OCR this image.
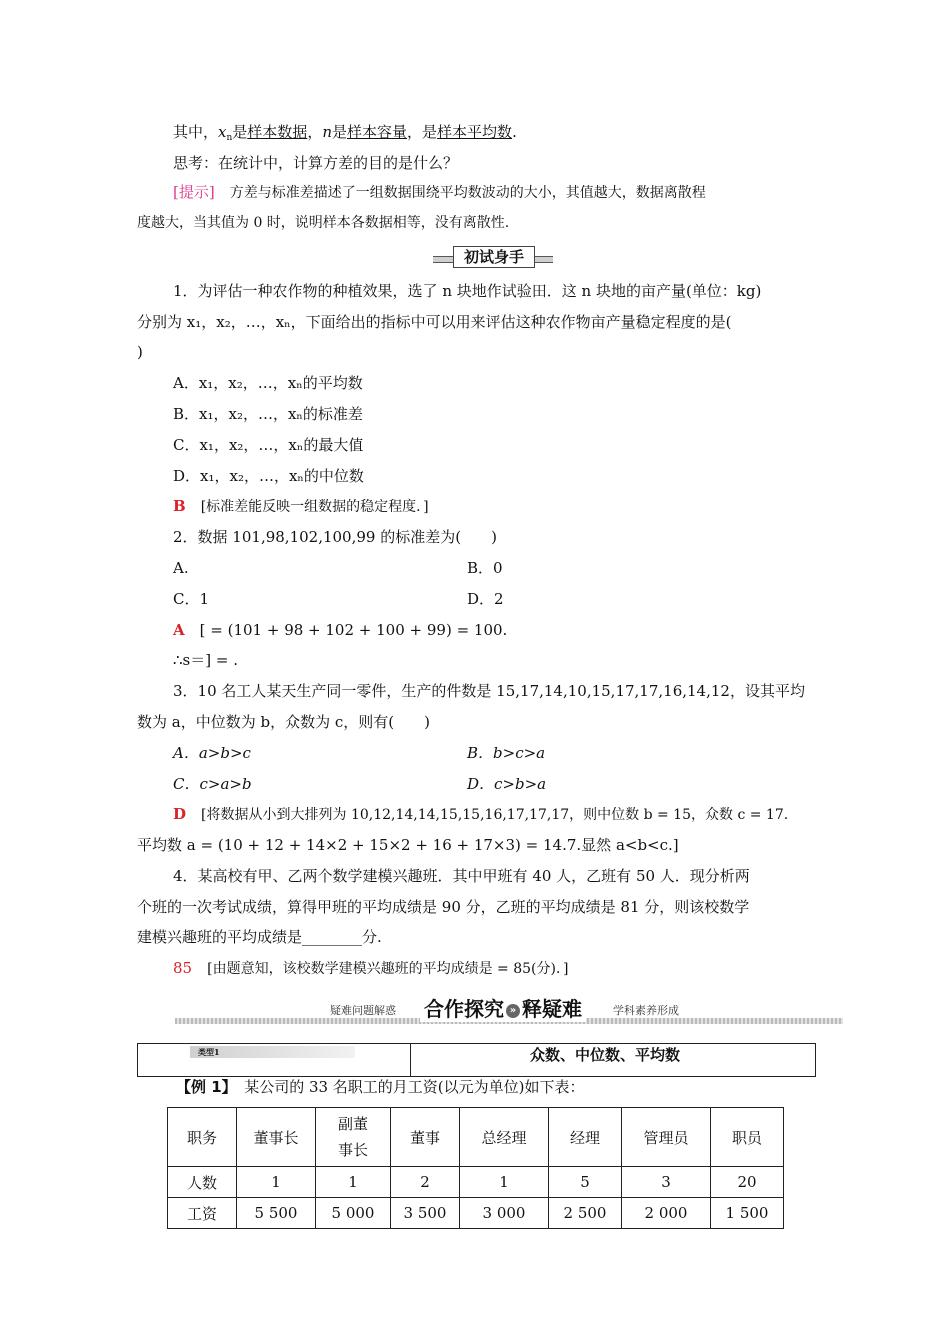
其中，$x_n$是样本数据，n是样本容量，是样本平均数.
思考：在统计中，计算方差的目的是什么？
[提示]　 方差与标准差描述了一组数据围绕平均数波动的大小，其值越大，数据离散程
度越大，当其值为 0 时，说明样本各数据相等，没有离散性.
初试身手
1．为评估一种农作物的种植效果，选了 n 块地作试验田．这 n 块地的亩产量(单位：kg)
分别为 x₁，x₂，…，xₙ，下面给出的指标中可以用来评估这种农作物亩产量稳定程度的是(
)
A．x₁，x₂，…，xₙ的平均数
B．x₁，x₂，…，xₙ的标准差
C．x₁，x₂，…，xₙ的最大值
D．x₁，x₂，…，xₙ的中位数
B　 [标准差能反映一组数据的稳定程度．]
2．数据 101,98,102,100,99 的标准差为(　　)
A.	B．0
C．1	D．2
A　 [ = (101 + 98 + 102 + 100 + 99) = 100.
∴s＝] = .
3．10 名工人某天生产同一零件，生产的件数是 15,17,14,10,15,17,17,16,14,12，设其平均
数为 a，中位数为 b，众数为 c，则有(　　)
A．a>b>c	B．b>c>a
C．c>a>b	D．c>b>a
D　 [将数据从小到大排列为 10,12,14,14,15,15,16,17,17,17，则中位数 b = 15，众数 c = 17.
平均数 a = (10 + 12 + 14×2 + 15×2 + 16 + 17×3) = 14.7.显然 a<b<c.]
4．某高校有甲、乙两个数学建模兴趣班．其中甲班有 40 人，乙班有 50 人．现分析两
个班的一次考试成绩，算得甲班的平均成绩是 90 分，乙班的平均成绩是 81 分，则该校数学
建模兴趣班的平均成绩是________分.
85　 [由题意知，该校数学建模兴趣班的平均成绩是 = 85(分)．]
疑难问题解惑 合作探究 » 释疑难	学科素养形成
类型1	众数、中位数、平均数
【例 1】　 某公司的 33 名职工的月工资(以元为单位)如下表：
职务	董事长	副董事长	董事	总经理	经理	管理员	职员
人数	1	1	2	1	5	3	20
工资	5 500	5 000	3 500	3 000	2 500	2 000	1 500
